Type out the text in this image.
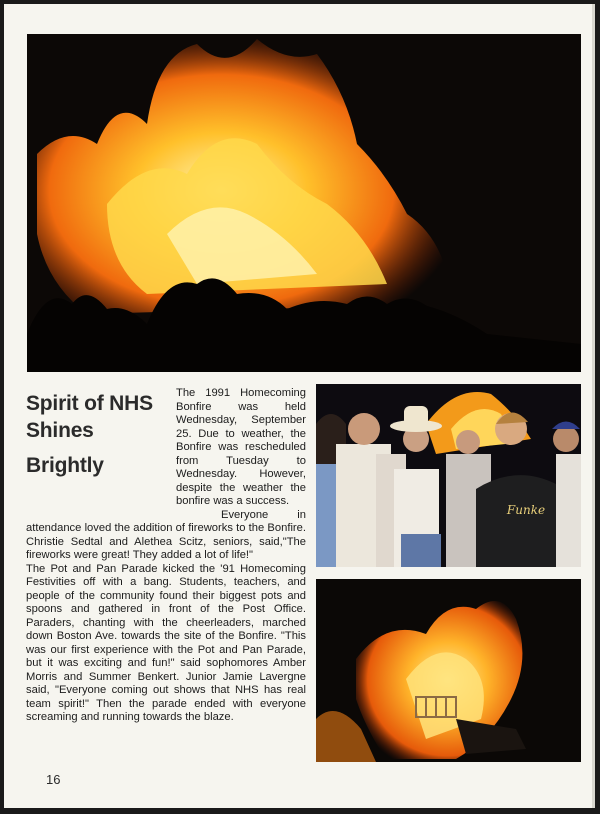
Spirit of NHS Shines
Brightly

The 1991 Homecoming Bonfire was held Wednesday, September 25. Due to weather, the Bonfire was rescheduled from Tuesday to Wednesday. However, despite the weather the bonfire was a success.

Everyone in attendance loved the addition of fireworks to the Bonfire. Christie Sedtal and Alethea Scitz, seniors, said,"The fireworks were great! They added a lot of life!"

The Pot and Pan Parade kicked the '91 Homecoming Festivities off with a bang. Students, teachers, and people of the community found their biggest pots and spoons and gathered in front of the Post Office. Paraders, chanting with the cheerleaders, marched down Boston Ave. towards the site of the Bonfire. "This was our first experience with the Pot and Pan Parade, but it was exciting and fun!" said sophomores Amber Morris and Summer Benkert. Junior Jamie Lavergne said, "Everyone coming out shows that NHS has real team spirit!" Then the parade ended with everyone screaming and running towards the blaze.

Funke
16
